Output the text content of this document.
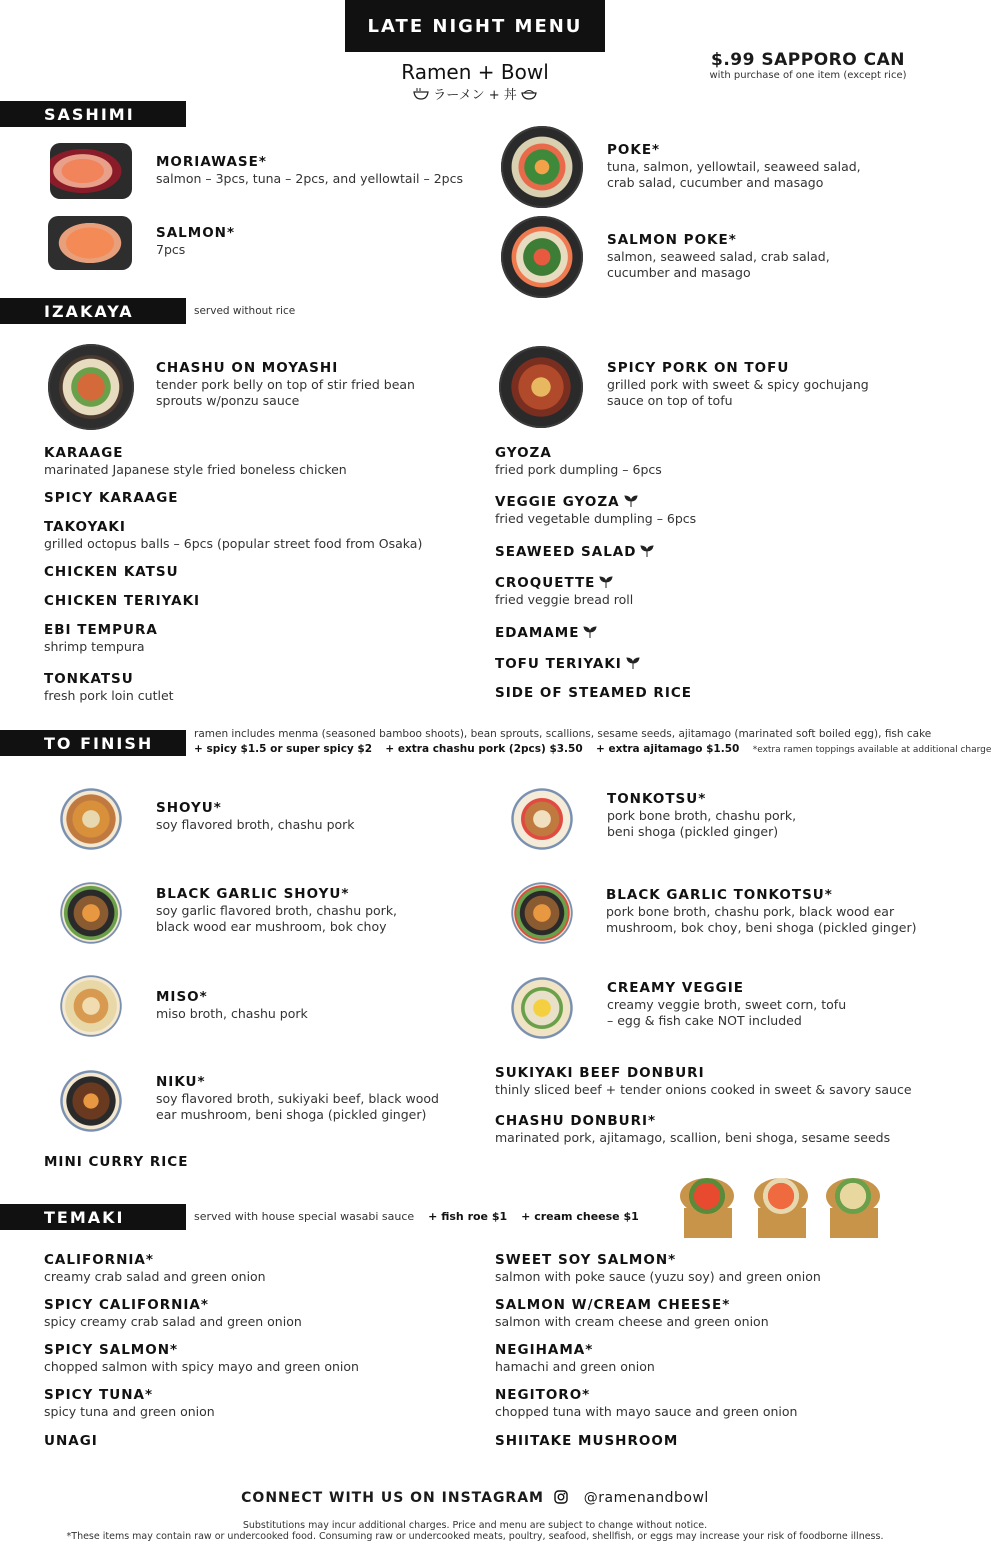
LATE NIGHT MENU
Ramen + Bowl
ラーメン + 丼
$.99 SAPPORO CAN
with purchase of one item (except rice)
SASHIMI
MORIAWASE*
salmon – 3pcs, tuna – 2pcs, and yellowtail – 2pcs
SALMON*
7pcs
POKE*
tuna, salmon, yellowtail, seaweed salad,
crab salad, cucumber and masago
SALMON POKE*
salmon, seaweed salad, crab salad,
cucumber and masago
IZAKAYA	served without rice
CHASHU ON MOYASHI
tender pork belly on top of stir fried bean
sprouts w/ponzu sauce
SPICY PORK ON TOFU
grilled pork with sweet & spicy gochujang
sauce on top of tofu
KARAAGE
marinated Japanese style fried boneless chicken
SPICY KARAAGE
TAKOYAKI
grilled octopus balls – 6pcs (popular street food from Osaka)
CHICKEN KATSU
CHICKEN TERIYAKI
EBI TEMPURA
shrimp tempura
TONKATSU
fresh pork loin cutlet
GYOZA
fried pork dumpling – 6pcs
VEGGIE GYOZA
fried vegetable dumpling – 6pcs
SEAWEED SALAD
CROQUETTE
fried veggie bread roll
EDAMAME
TOFU TERIYAKI
SIDE OF STEAMED RICE
TO FINISH	ramen includes menma (seasoned bamboo shoots), bean sprouts, scallions, sesame seeds, ajitamago (marinated soft boiled egg), fish cake
+ spicy $1.5 or super spicy $2 + extra chashu pork (2pcs) $3.50 + extra ajitamago $1.50 *extra ramen toppings available at additional charge
SHOYU*
soy flavored broth, chashu pork
BLACK GARLIC SHOYU*
soy garlic flavored broth, chashu pork,
black wood ear mushroom, bok choy
MISO*
miso broth, chashu pork
NIKU*
soy flavored broth, sukiyaki beef, black wood
ear mushroom, beni shoga (pickled ginger)
TONKOTSU*
pork bone broth, chashu pork,
beni shoga (pickled ginger)
BLACK GARLIC TONKOTSU*
pork bone broth, chashu pork, black wood ear
mushroom, bok choy, beni shoga (pickled ginger)
CREAMY VEGGIE
creamy veggie broth, sweet corn, tofu
– egg & fish cake NOT included
MINI CURRY RICE
SUKIYAKI BEEF DONBURI
thinly sliced beef + tender onions cooked in sweet & savory sauce
CHASHU DONBURI*
marinated pork, ajitamago, scallion, beni shoga, sesame seeds
TEMAKI	served with house special wasabi sauce + fish roe $1 + cream cheese $1
CALIFORNIA*
creamy crab salad and green onion
SPICY CALIFORNIA*
spicy creamy crab salad and green onion
SPICY SALMON*
chopped salmon with spicy mayo and green onion
SPICY TUNA*
spicy tuna and green onion
UNAGI
SWEET SOY SALMON*
salmon with poke sauce (yuzu soy) and green onion
SALMON W/CREAM CHEESE*
salmon with cream cheese and green onion
NEGIHAMA*
hamachi and green onion
NEGITORO*
chopped tuna with mayo sauce and green onion
SHIITAKE MUSHROOM
CONNECT WITH US ON INSTAGRAM	@ramenandbowl
Substitutions may incur additional charges. Price and menu are subject to change without notice.
*These items may contain raw or undercooked food. Consuming raw or undercooked meats, poultry, seafood, shellfish, or eggs may increase your risk of foodborne illness.
